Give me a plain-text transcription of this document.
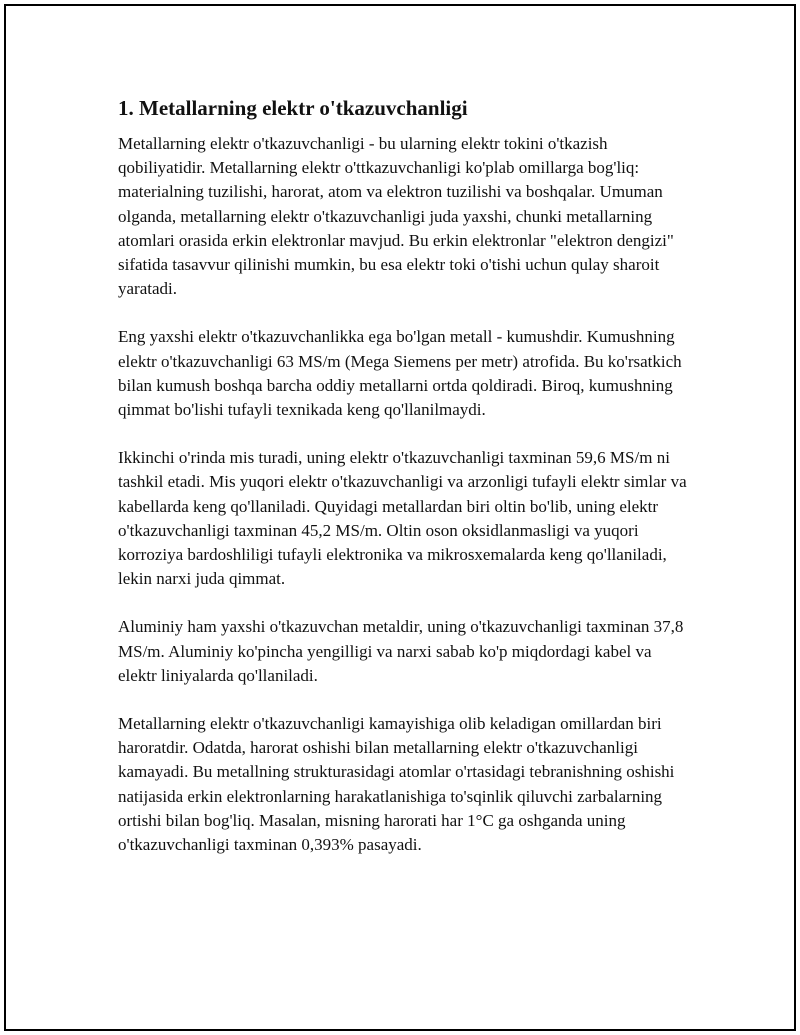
1. Metallarning elektr o'tkazuvchanligi

Metallarning elektr o'tkazuvchanligi - bu ularning elektr tokini o'tkazish qobiliyatidir. Metallarning elektr o'ttkazuvchanligi ko'plab omillarga bog'liq: materialning tuzilishi, harorat, atom va elektron tuzilishi va boshqalar. Umuman olganda, metallarning elektr o'tkazuvchanligi juda yaxshi, chunki metallarning atomlari orasida erkin elektronlar mavjud. Bu erkin elektronlar "elektron dengizi" sifatida tasavvur qilinishi mumkin, bu esa elektr toki o'tishi uchun qulay sharoit yaratadi.

Eng yaxshi elektr o'tkazuvchanlikka ega bo'lgan metall - kumushdir. Kumushning elektr o'tkazuvchanligi 63 MS/m (Mega Siemens per metr) atrofida. Bu ko'rsatkich bilan kumush boshqa barcha oddiy metallarni ortda qoldiradi. Biroq, kumushning qimmat bo'lishi tufayli texnikada keng qo'llanilmaydi.

Ikkinchi o'rinda mis turadi, uning elektr o'tkazuvchanligi taxminan 59,6 MS/m ni tashkil etadi. Mis yuqori elektr o'tkazuvchanligi va arzonligi tufayli elektr simlar va kabellarda keng qo'llaniladi. Quyidagi metallardan biri oltin bo'lib, uning elektr o'tkazuvchanligi taxminan 45,2 MS/m. Oltin oson oksidlanmasligi va yuqori korroziya bardoshliligi tufayli elektronika va mikrosxemalarda keng qo'llaniladi, lekin narxi juda qimmat.

Aluminiy ham yaxshi o'tkazuvchan metaldir, uning o'tkazuvchanligi taxminan 37,8 MS/m. Aluminiy ko'pincha yengilligi va narxi sabab ko'p miqdordagi kabel va elektr liniyalarda qo'llaniladi.

Metallarning elektr o'tkazuvchanligi kamayishiga olib keladigan omillardan biri haroratdir. Odatda, harorat oshishi bilan metallarning elektr o'tkazuvchanligi kamayadi. Bu metallning strukturasidagi atomlar o'rtasidagi tebranishning oshishi natijasida erkin elektronlarning harakatlanishiga to'sqinlik qiluvchi zarbalarning ortishi bilan bog'liq. Masalan, misning harorati har 1°C ga oshganda uning o'tkazuvchanligi taxminan 0,393% pasayadi.
